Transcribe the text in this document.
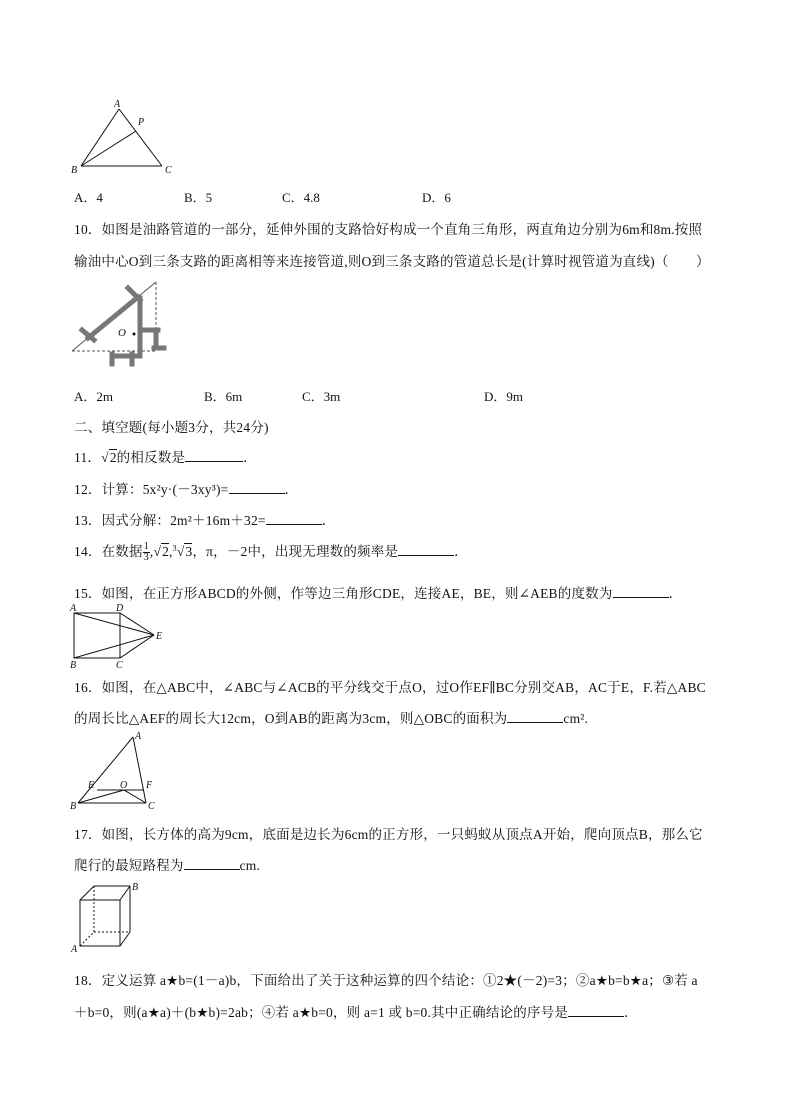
A
P
B	C
A．4	B．5	C．4.8	D．6
10．如图是油路管道的一部分，延伸外围的支路恰好构成一个直角三角形，两直角边分别为6m和8m.按照
输油中心O到三条支路的距离相等来连接管道,则O到三条支路的管道总长是(计算时视管道为直线)（　　）
O
A．2m	B．6m	C．3m	D．9m
二、填空题(每小题3分，共24分)
11．√2的相反数是	．
12．计算：5x²y·(－3xy³)=	．
13．因式分解：2m²＋16m＋32=	．
14．在数据 $\frac{1}{3} ,√2,^3√3$，π，－2中，出现无理数的频率是	．
15．如图，在正方形ABCD的外侧，作等边三角形CDE，连接AE，BE，则∠AEB的度数为	．
A	D
E
B	C
16．如图，在△ABC中，∠ABC与∠ACB的平分线交于点O，过O作EF∥BC分别交AB，AC于E，F.若△ABC
的周长比△AEF的周长大12cm，O到AB的距离为3cm，则△OBC的面积为	cm².
A
E	O F
B	C
17．如图，长方体的高为9cm，底面是边长为6cm的正方形，一只蚂蚁从顶点A开始，爬向顶点B，那么它
爬行的最短路程为	cm.
B
A
18．定义运算 a★b=(1－a)b，下面给出了关于这种运算的四个结论：①2★(－2)=3；②a★b=b★a；③若 a
＋b=0，则(a★a)＋(b★b)=2ab；④若 a★b=0，则 a=1 或 b=0.其中正确结论的序号是	．
